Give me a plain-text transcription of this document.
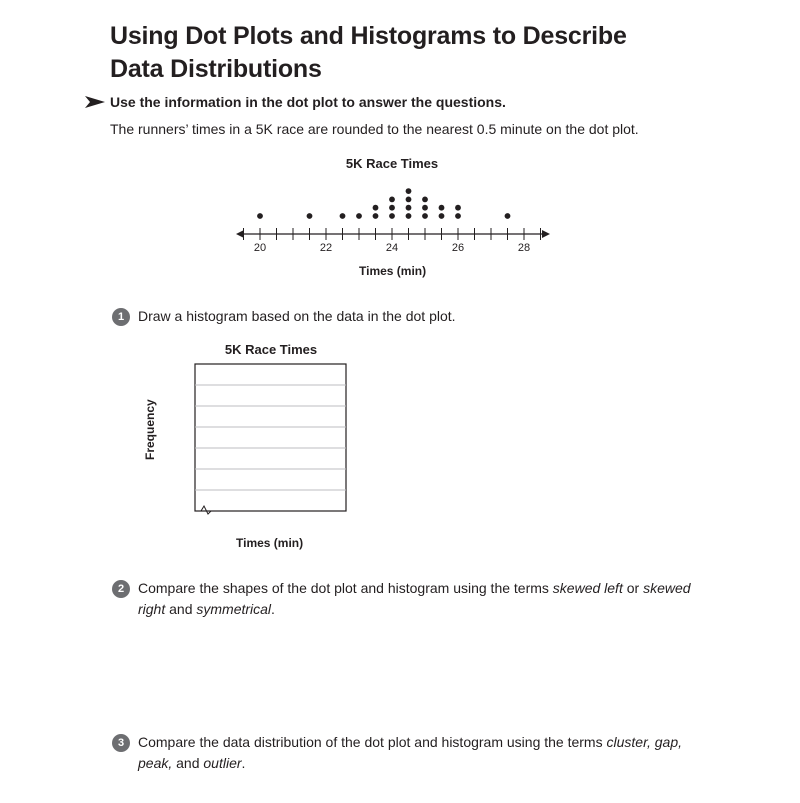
Using Dot Plots and Histograms to Describe
Data Distributions
Use the information in the dot plot to answer the questions.
The runners’ times in a 5K race are rounded to the nearest 0.5 minute on the dot plot.
5K Race Times
20	22	24	26	28
Times (min)
1 Draw a histogram based on the data in the dot plot.
5K Race Times
Frequency
Times (min)
2 Compare the shapes of the dot plot and histogram using the terms skewed left or skewed right and symmetrical.
3 Compare the data distribution of the dot plot and histogram using the terms cluster, gap, peak, and outlier.
